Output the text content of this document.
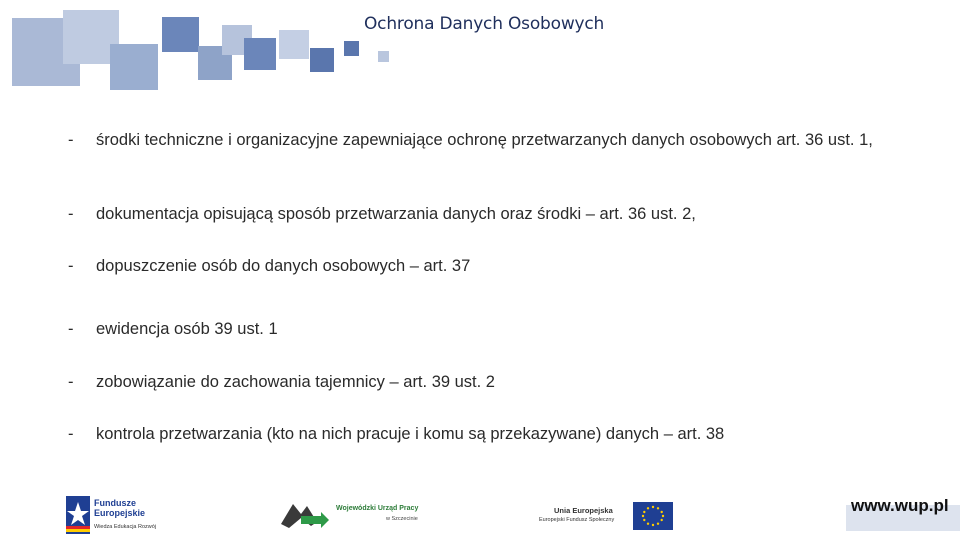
Ochrona Danych Osobowych
-	środki techniczne i organizacyjne zapewniające ochronę przetwarzanych danych osobowych art. 36 ust. 1,
-	dokumentacja opisującą sposób przetwarzania danych oraz środki – art. 36 ust. 2,
-	dopuszczenie osób do danych osobowych – art. 37
-	ewidencja osób 39 ust. 1
-	zobowiązanie do zachowania tajemnicy – art. 39 ust. 2
-	kontrola przetwarzania (kto na nich pracuje i komu są przekazywane) danych – art. 38
Fundusze
Europejskie
Wiedza Edukacja Rozwój
Wojewódzki Urząd Pracy
w Szczecinie
Unia Europejska
Europejski Fundusz Społeczny
www.wup.pl
